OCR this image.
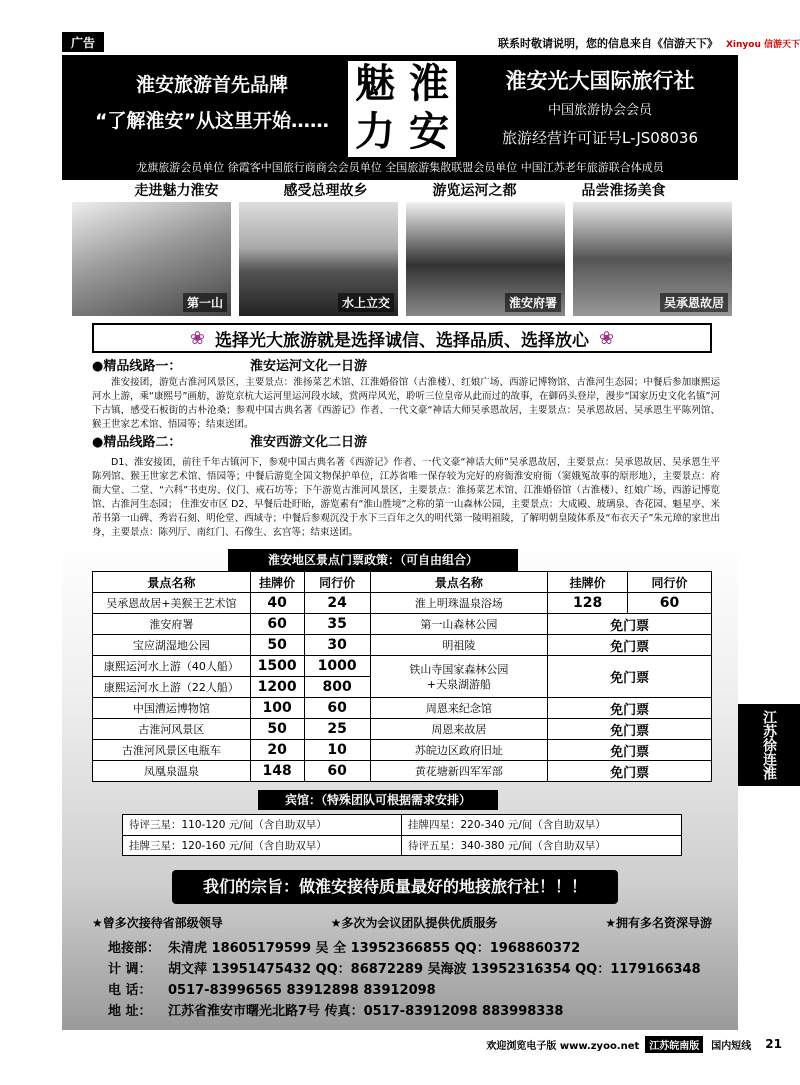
广告	联系时敬请说明，您的信息来自《信游天下》 Xinyou 信游天下
淮安旅游首先品牌
“了解淮安”从这里开始……
魅 淮
力 安
淮安光大国际旅行社
中国旅游协会会员
旅游经营许可证号L-JS08036
龙旗旅游会员单位 徐霞客中国旅行商商会会员单位 全国旅游集散联盟会员单位 中国江苏老年旅游联合体成员
走进魅力淮安	感受总理故乡	游览运河之都	品尝淮扬美食
第一山	水上立交	淮安府署	吴承恩故居
❀ 选择光大旅游就是选择诚信、选择品质、选择放心 ❀
●精品线路一：	淮安运河文化一日游
淮安接团，游览古淮河风景区，主要景点：淮扬菜艺术馆、江淮婚俗馆（古淮楼）、红娘广场、西游记博物馆、古淮河生态园；中餐后参加康熙运河水上游，乘“康熙号”画舫，游览京杭大运河里运河段水域，赏两岸风光，聆听三位皇帝从此而过的故事，在御码头登岸，漫步“国家历史文化名镇”河下古镇，感受石板街的古朴沧桑；参观中国古典名著《西游记》作者、一代文豪“神话大师吴承恩故居，主要景点：吴承恩故居、吴承恩生平陈列馆、猴王世家艺术馆、悟园等；结束送团。
●精品线路二：	淮安西游文化二日游
D1、淮安接团，前往千年古镇河下，参观中国古典名著《西游记》作者、一代文豪“神话大师”吴承恩故居，主要景点：吴承恩故居、吴承恩生平陈列馆、猴王世家艺术馆、悟园等；中餐后游览全国文物保护单位，江苏省唯一保存较为完好的府衙淮安府衙（窦娥冤故事的原形地），主要景点：府衙大堂、二堂、“六科”书吏房、仪门、戒石坊等；下午游览古淮河风景区，主要景点：淮扬菜艺术馆、江淮婚俗馆（古淮楼）、红娘广场、西游记博览馆、古淮河生态园； 住淮安市区 D2、早餐后赴盱眙，游览素有“淮山胜境”之称的第一山森林公园，主要景点：大成殿、玻璃泉、杏花园、魁星亭、米芾书第一山碑、秀岩石刻、明伦堂、西域寺；中餐后参观沉没于水下三百年之久的明代第一陵明祖陵，了解明朝皇陵体系及“布衣天子”朱元璋的家世出身，主要景点：陈列厅、南红门、石像生、玄宫等；结束送团。
淮安地区景点门票政策：（可自由组合）
景点名称	挂牌价	同行价	景点名称	挂牌价	同行价
吴承恩故居+美猴王艺术馆	40	24	淮上明珠温泉浴场	128	60
淮安府署	60	35	第一山森林公园	免门票	
宝应湖湿地公园	50	30	明祖陵	免门票	
康熙运河水上游（40人船）	1500	1000	铁山寺国家森林公园
+天泉湖游船	免门票	
康熙运河水上游（22人船）	1200	800			
中国漕运博物馆	100	60	周恩来纪念馆	免门票	
古淮河风景区	50	25	周恩来故居	免门票	
古淮河风景区电瓶车	20	10	苏皖边区政府旧址	免门票	
凤凰泉温泉	148	60	黄花塘新四军军部	免门票		江苏徐连淮
宾馆：（特殊团队可根据需求安排）
待评三星：110-120 元/间（含自助双早）	挂牌四星：220-340 元/间（含自助双早）
挂牌三星：120-160 元/间（含自助双早）	待评五星：340-380 元/间（含自助双早）
我们的宗旨：做淮安接待质量最好的地接旅行社！！！
★曾多次接待省部级领导	★多次为会议团队提供优质服务	★拥有多名资深导游
地接部： 朱清虎 18605179599 吴 全 13952366855 QQ：1968860372
计 调：	胡文萍 13951475432 QQ：86872289 吴海波 13952316354 QQ：1179166348
电 话：	0517-83996565 83912898 83912098
地 址：	江苏省淮安市曙光北路7号 传真：0517-83912098 883998338
欢迎浏览电子版 www.zyoo.net	江苏皖南版	国内短线 21
